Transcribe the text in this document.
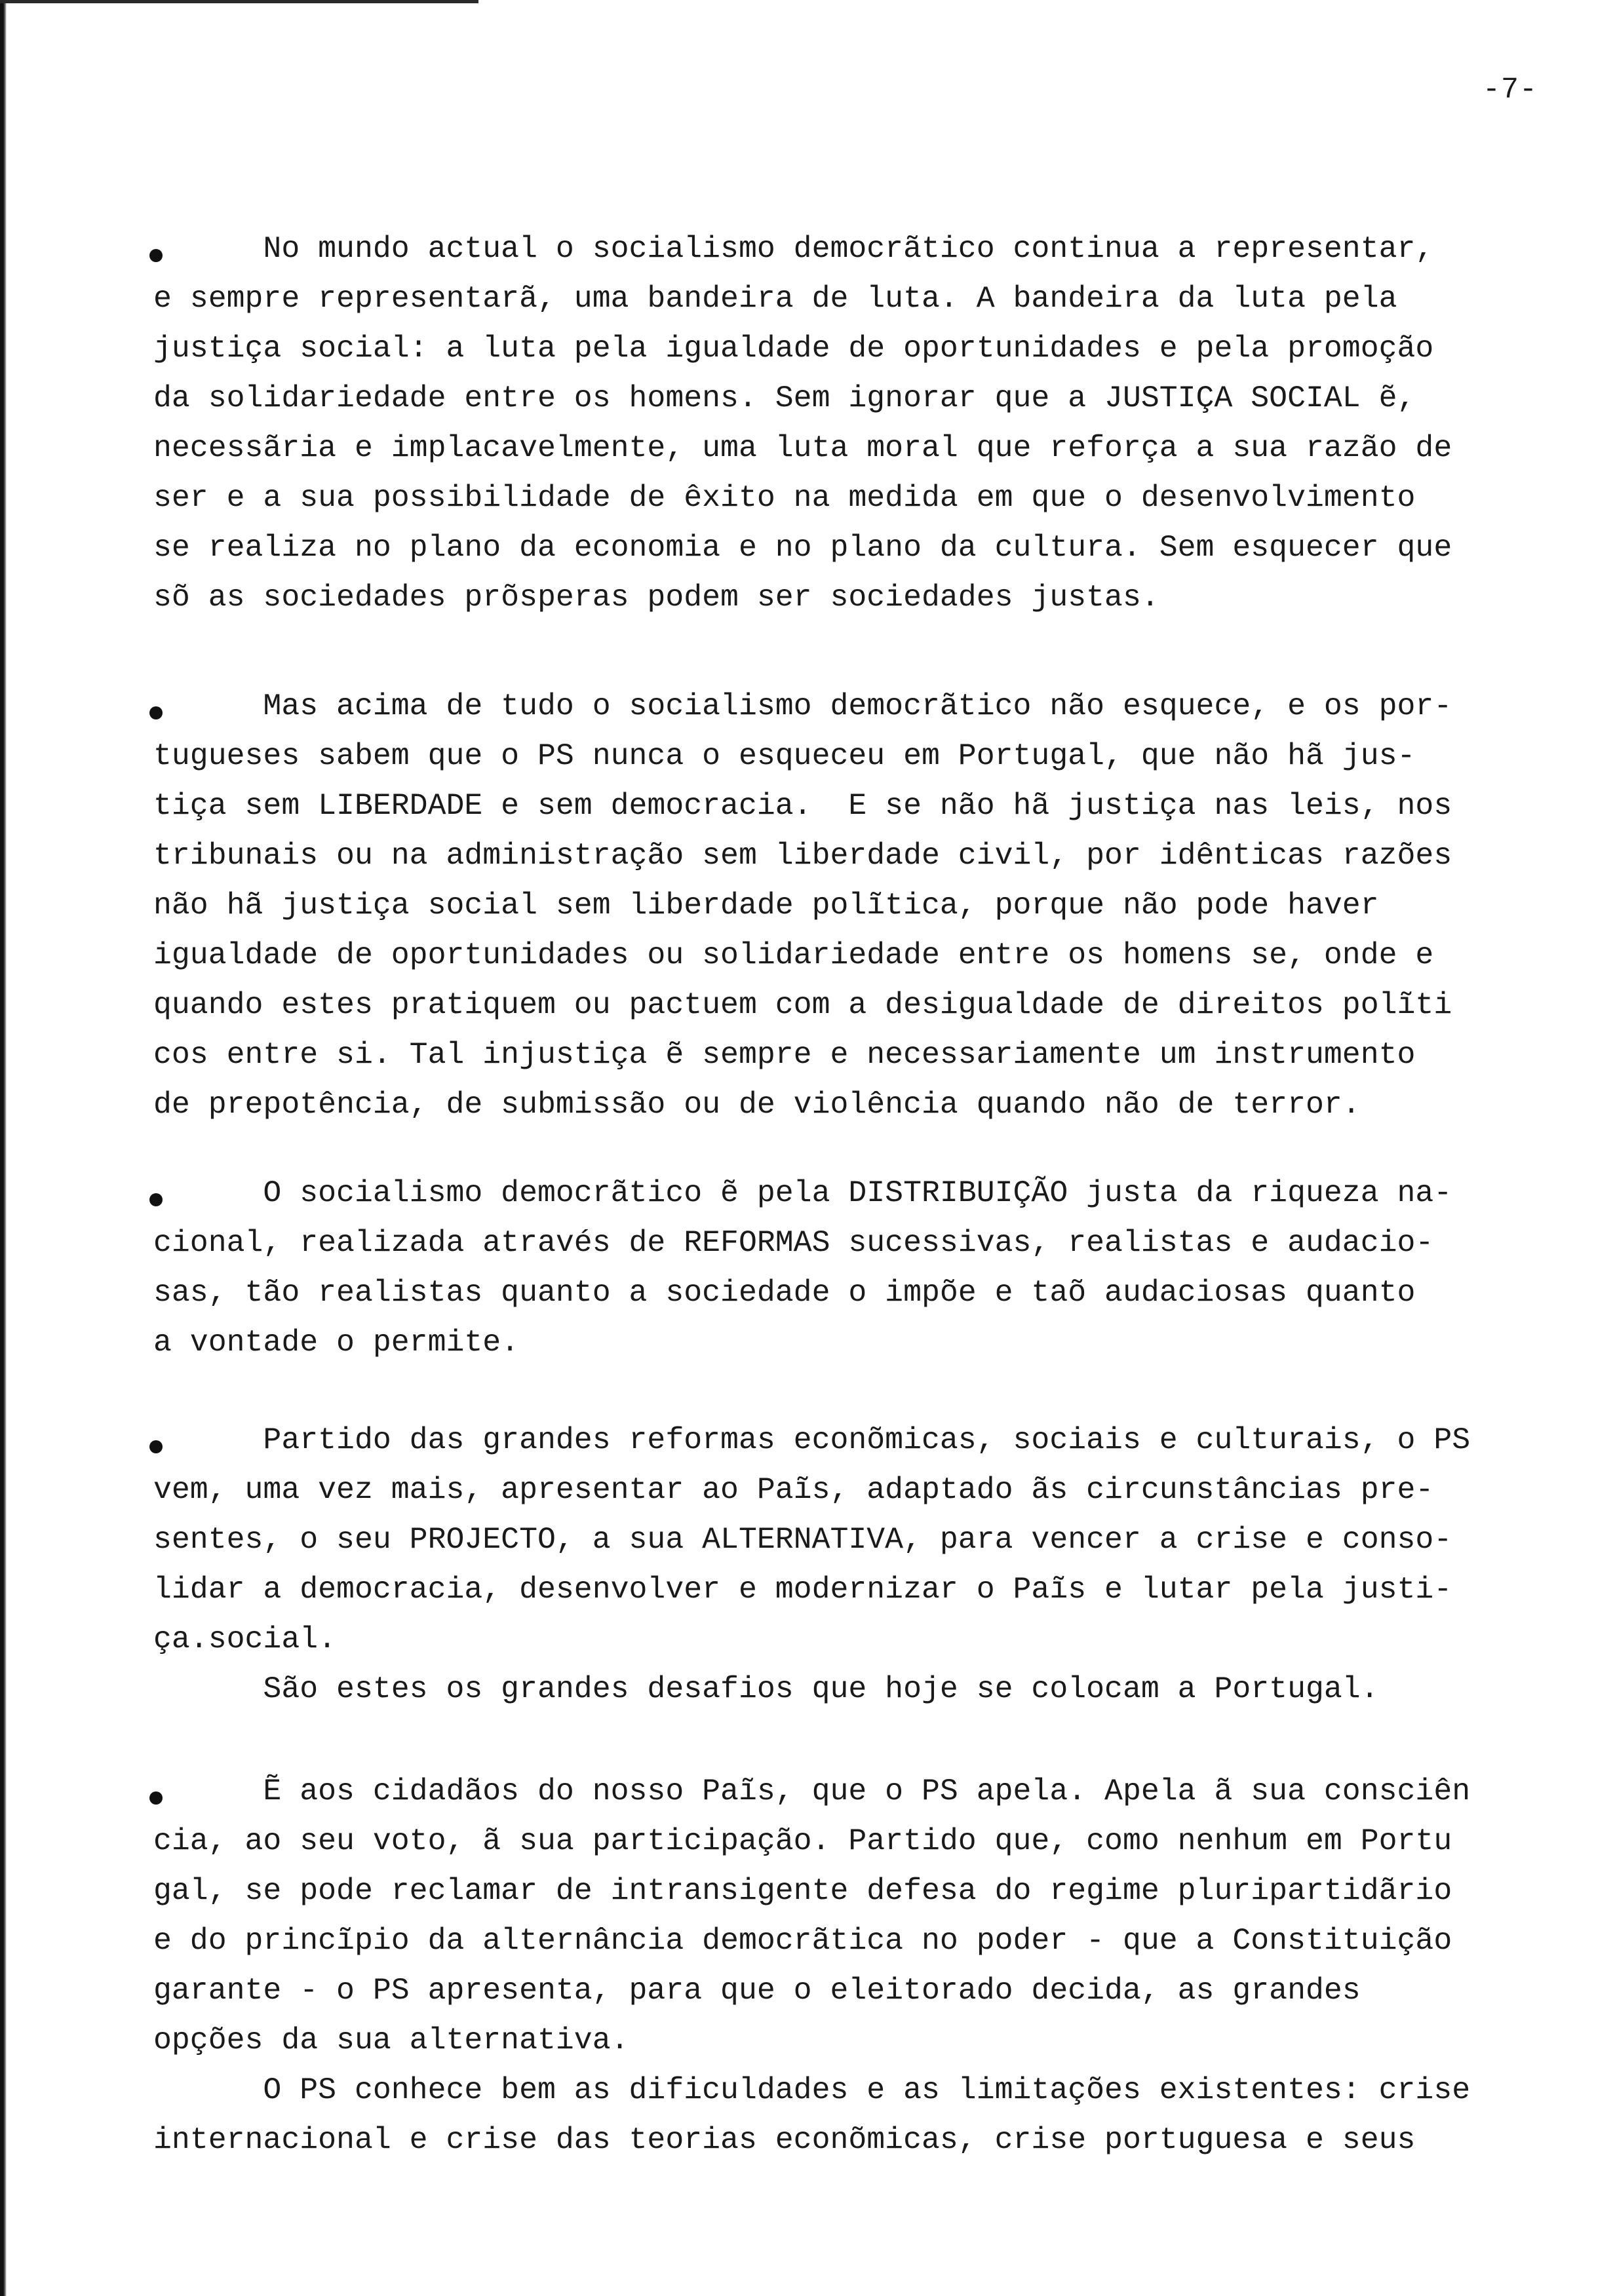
-7-
No mundo actual o socialismo democrãtico continua a representar,
e sempre representarã, uma bandeira de luta. A bandeira da luta pela
justiça social: a luta pela igualdade de oportunidades e pela promoção
da solidariedade entre os homens. Sem ignorar que a JUSTIÇA SOCIAL ẽ,
necessãria e implacavelmente, uma luta moral que reforça a sua razão de
ser e a sua possibilidade de êxito na medida em que o desenvolvimento
se realiza no plano da economia e no plano da cultura. Sem esquecer que
sõ as sociedades prõsperas podem ser sociedades justas.
Mas acima de tudo o socialismo democrãtico não esquece, e os por-
tugueses sabem que o PS nunca o esqueceu em Portugal, que não hã jus-
tiça sem LIBERDADE e sem democracia.  E se não hã justiça nas leis, nos
tribunais ou na administração sem liberdade civil, por idênticas razões
não hã justiça social sem liberdade polĩtica, porque não pode haver
igualdade de oportunidades ou solidariedade entre os homens se, onde e
quando estes pratiquem ou pactuem com a desigualdade de direitos polĩti
cos entre si. Tal injustiça ẽ sempre e necessariamente um instrumento
de prepotência, de submissão ou de violência quando não de terror.
O socialismo democrãtico ẽ pela DISTRIBUIÇÃO justa da riqueza na-
cional, realizada através de REFORMAS sucessivas, realistas e audacio-
sas, tão realistas quanto a sociedade o impõe e taõ audaciosas quanto
a vontade o permite.
Partido das grandes reformas econõmicas, sociais e culturais, o PS
vem, uma vez mais, apresentar ao Paĩs, adaptado ãs circunstâncias pre-
sentes, o seu PROJECTO, a sua ALTERNATIVA, para vencer a crise e conso-
lidar a democracia, desenvolver e modernizar o Paĩs e lutar pela justi-
ça.social.
São estes os grandes desafios que hoje se colocam a Portugal.
Ẽ aos cidadãos do nosso Paĩs, que o PS apela. Apela ã sua consciên
cia, ao seu voto, ã sua participação. Partido que, como nenhum em Portu
gal, se pode reclamar de intransigente defesa do regime pluripartidãrio
e do princĩpio da alternância democrãtica no poder - que a Constituição
garante - o PS apresenta, para que o eleitorado decida, as grandes
opções da sua alternativa.
O PS conhece bem as dificuldades e as limitações existentes: crise
internacional e crise das teorias econõmicas, crise portuguesa e seus
